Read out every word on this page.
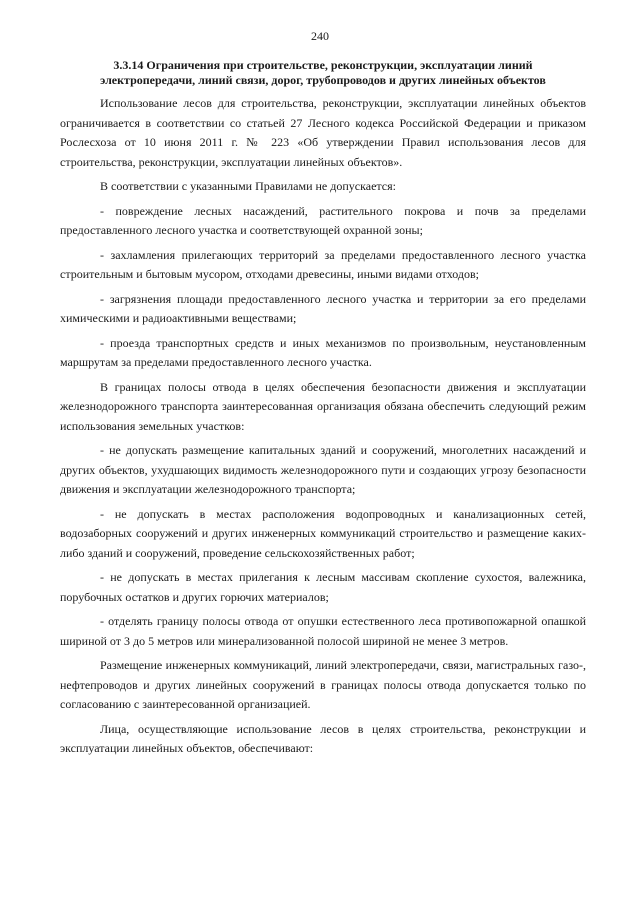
240
3.3.14 Ограничения при строительстве, реконструкции, эксплуатации линий
электропередачи, линий связи, дорог, трубопроводов и других линейных объектов

Использование лесов для строительства, реконструкции, эксплуатации линейных объектов ограничивается в соответствии со статьей 27 Лесного кодекса Российской Федерации и приказом Рослесхоза от 10 июня 2011 г. № 223 «Об утверждении Правил использования лесов для строительства, реконструкции, эксплуатации линейных объектов».

В соответствии с указанными Правилами не допускается:

- повреждение лесных насаждений, растительного покрова и почв за пределами предоставленного лесного участка и соответствующей охранной зоны;

- захламления прилегающих территорий за пределами предоставленного лесного участка строительным и бытовым мусором, отходами древесины, иными видами отходов;

- загрязнения площади предоставленного лесного участка и территории за его пределами химическими и радиоактивными веществами;

- проезда транспортных средств и иных механизмов по произвольным, неустановленным маршрутам за пределами предоставленного лесного участка.

В границах полосы отвода в целях обеспечения безопасности движения и эксплуатации железнодорожного транспорта заинтересованная организация обязана обеспечить следующий режим использования земельных участков:

- не допускать размещение капитальных зданий и сооружений, многолетних насаждений и других объектов, ухудшающих видимость железнодорожного пути и создающих угрозу безопасности движения и эксплуатации железнодорожного транспорта;

- не допускать в местах расположения водопроводных и канализационных сетей, водозаборных сооружений и других инженерных коммуникаций строительство и размещение каких-либо зданий и сооружений, проведение сельскохозяйственных работ;

- не допускать в местах прилегания к лесным массивам скопление сухостоя, валежника, порубочных остатков и других горючих материалов;

- отделять границу полосы отвода от опушки естественного леса противопожарной опашкой шириной от 3 до 5 метров или минерализованной полосой шириной не менее 3 метров.

Размещение инженерных коммуникаций, линий электропередачи, связи, магистральных газо-, нефтепроводов и других линейных сооружений в границах полосы отвода допускается только по согласованию с заинтересованной организацией.

Лица, осуществляющие использование лесов в целях строительства, реконструкции и эксплуатации линейных объектов, обеспечивают:
